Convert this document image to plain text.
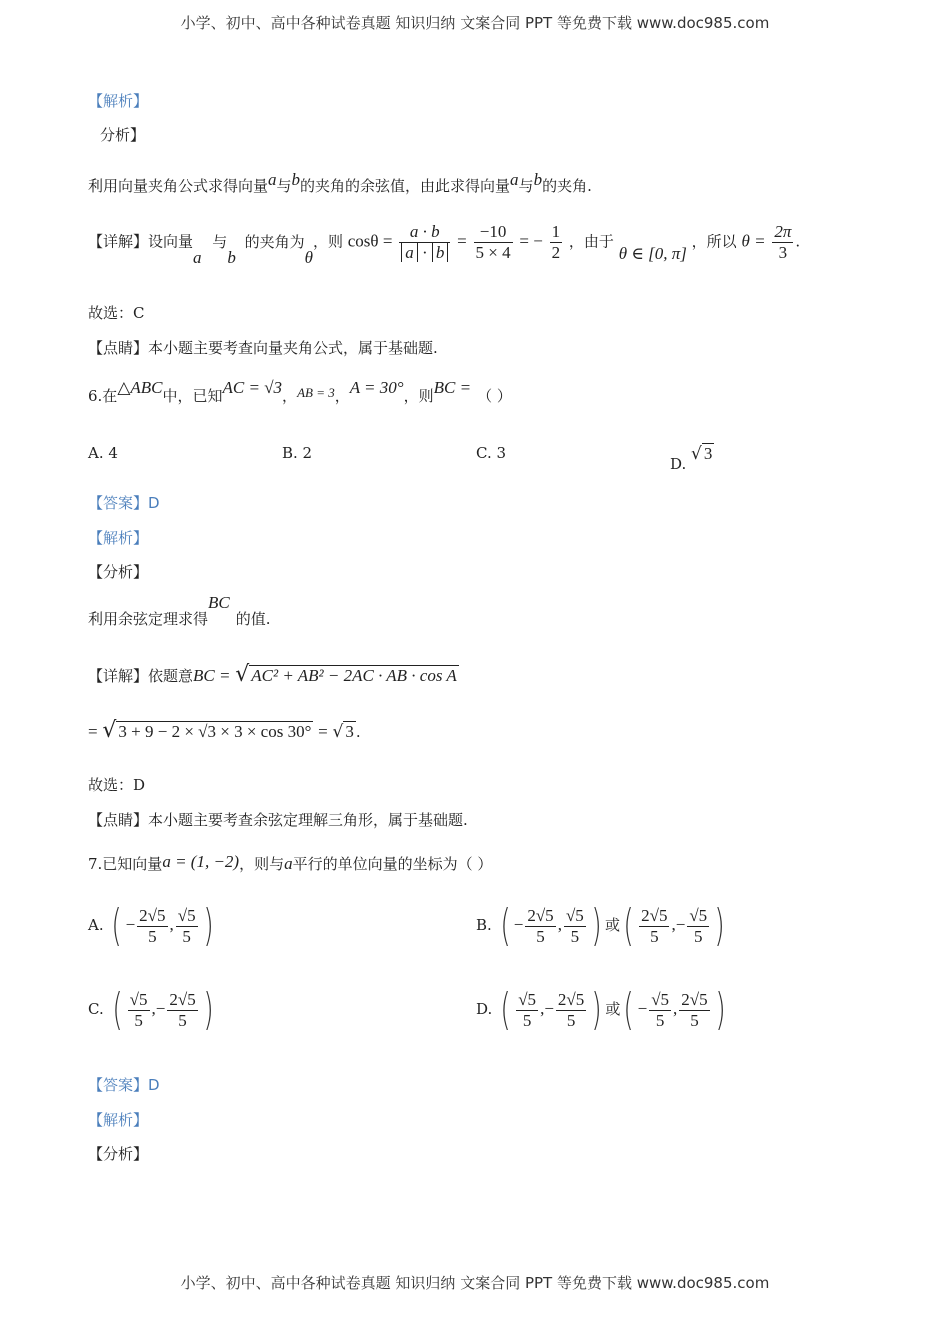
小学、初中、高中各种试卷真题 知识归纳 文案合同 PPT 等免费下载 www.doc985.com
【解析】
分析】
利用向量夹角公式求得向量a与b的夹角的余弦值，由此求得向量a与b的夹角.
【详解】设向量a 与b 的夹角为θ，则 $\cos\theta = \frac{a \cdot b}{a \cdot b} = \frac{-10}{5 \times 4}$ = − $\frac{1}{2}$ ，由于 θ ∈ [0, π] ，所以 $\theta = \frac{2\pi}{3}$ .
故选：C
【点睛】本小题主要考查向量夹角公式，属于基础题.
6.在△ABC中，已知AC = √3，AB = 3，A = 30°，则BC = （ ）
A. 4	B. 2	C. 3
D. √ 3
【答案】D
【解析】
【分析】
利用余弦定理求得BC的值.
【详解】依题意BC = √ AC² + AB² − 2AC · AB · cos A
= √ 3 + 9 − 2 × √3 × 3 × cos 30° = √ 3 .
故选：D
【点睛】本小题主要考查余弦定理解三角形，属于基础题.
7.已知向量a = (1, −2)，则与a平行的单位向量的坐标为（ ）
A. ( − $\frac{2√5}{5}$ , $\frac{√5}{5}$ )	B. ( − $\frac{2√5}{5}$ , $\frac{√5}{5}$ ) 或( $\frac{2√5}{5}$ ,− $\frac{√5}{5}$ )
C. ( $\frac{√5}{5}$ ,− $\frac{2√5}{5}$ )	D. ( $\frac{√5}{5}$ ,− $\frac{2√5}{5}$ ) 或( − $\frac{√5}{5}$ , $\frac{2√5}{5}$ )
【答案】D
【解析】
【分析】
小学、初中、高中各种试卷真题 知识归纳 文案合同 PPT 等免费下载 www.doc985.com
